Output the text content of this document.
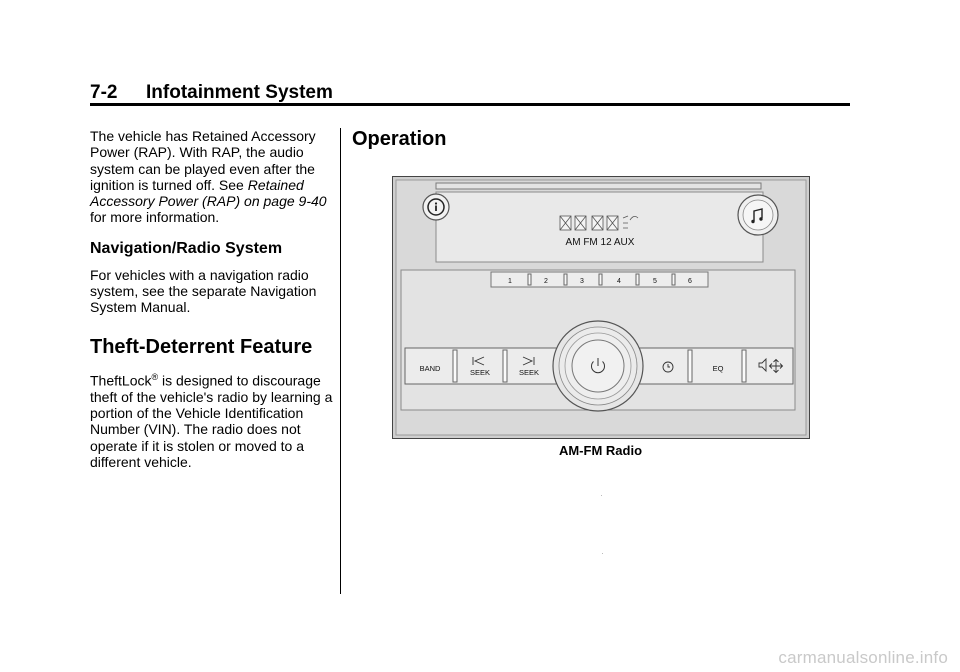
7-2 Infotainment System

The vehicle has Retained Accessory Power (RAP). With RAP, the audio system can be played even after the ignition is turned off. See Retained Accessory Power (RAP) on page 9-40 for more information.

Navigation/Radio System

For vehicles with a navigation radio system, see the separate Navigation System Manual.

Theft-Deterrent Feature

TheftLock® is designed to discourage theft of the vehicle's radio by learning a portion of the Vehicle Identification Number (VIN). The radio does not operate if it is stolen or moved to a different vehicle.

Operation
AM FM 12 AUX
1	2	3	4	5	6
BAND	SEEK	SEEK	EQ
AM-FM Radio
carmanualsonline.info
